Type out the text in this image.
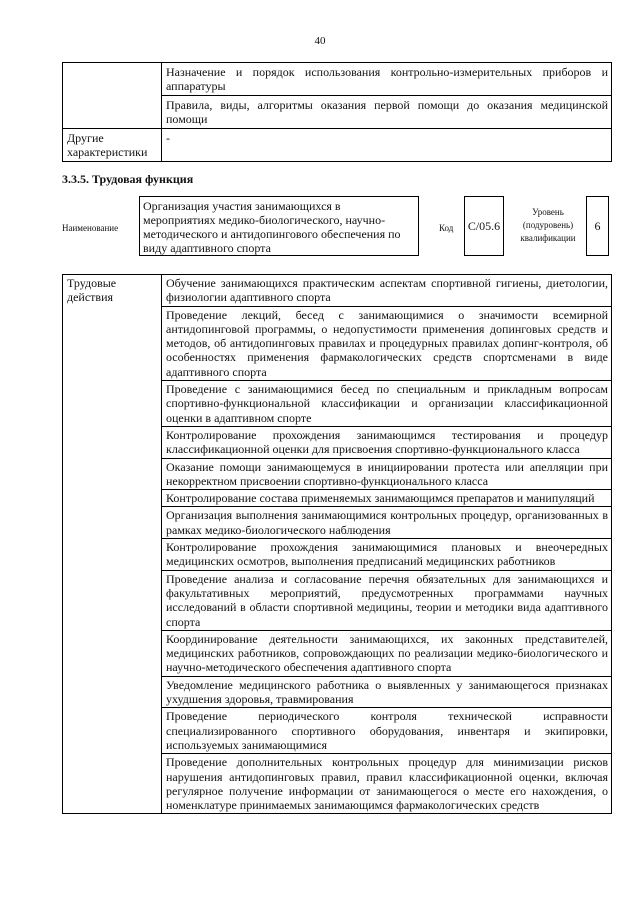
40
	Назначение и порядок использования контрольно-измерительных приборов и аппаратуры
	Правила, виды, алгоритмы оказания первой помощи до оказания медицинской помощи
Другие характеристики	-
3.3.5. Трудовая функция
Наименование
Организация участия занимающихся в мероприятиях медико-биологического, научно-методического и антидопингового обеспечения по виду адаптивного спорта
Код	C/05.6
Уровень (подуровень) квалификации
6
Трудовые действия	Обучение занимающихся практическим аспектам спортивной гигиены, диетологии, физиологии адаптивного спорта
Проведение лекций, бесед с занимающимися о значимости всемирной антидопинговой программы, о недопустимости применения допинговых средств и методов, об антидопинговых правилах и процедурных правилах допинг-контроля, об особенностях применения фармакологических средств спортсменами в виде адаптивного спорта
Проведение с занимающимися бесед по специальным и прикладным вопросам спортивно-функциональной классификации и организации классификационной оценки в адаптивном спорте
Контролирование прохождения занимающимся тестирования и процедур классификационной оценки для присвоения спортивно-функционального класса
Оказание помощи занимающемуся в инициировании протеста или апелляции при некорректном присвоении спортивно-функционального класса
Контролирование состава применяемых занимающимся препаратов и манипуляций
Организация выполнения занимающимися контрольных процедур, организованных в рамках медико-биологического наблюдения
Контролирование прохождения занимающимися плановых и внеочередных медицинских осмотров, выполнения предписаний медицинских работников
Проведение анализа и согласование перечня обязательных для занимающихся и факультативных мероприятий, предусмотренных программами научных исследований в области спортивной медицины, теории и методики вида адаптивного спорта
Координирование деятельности занимающихся, их законных представителей, медицинских работников, сопровождающих по реализации медико-биологического и научно-методического обеспечения адаптивного спорта
Уведомление медицинского работника о выявленных у занимающегося признаках ухудшения здоровья, травмирования
Проведение периодического контроля технической исправности специализированного спортивного оборудования, инвентаря и экипировки, используемых занимающимися
Проведение дополнительных контрольных процедур для минимизации рисков нарушения антидопинговых правил, правил классификационной оценки, включая регулярное получение информации от занимающегося о месте его нахождения, о номенклатуре принимаемых занимающимся фармакологических средств
